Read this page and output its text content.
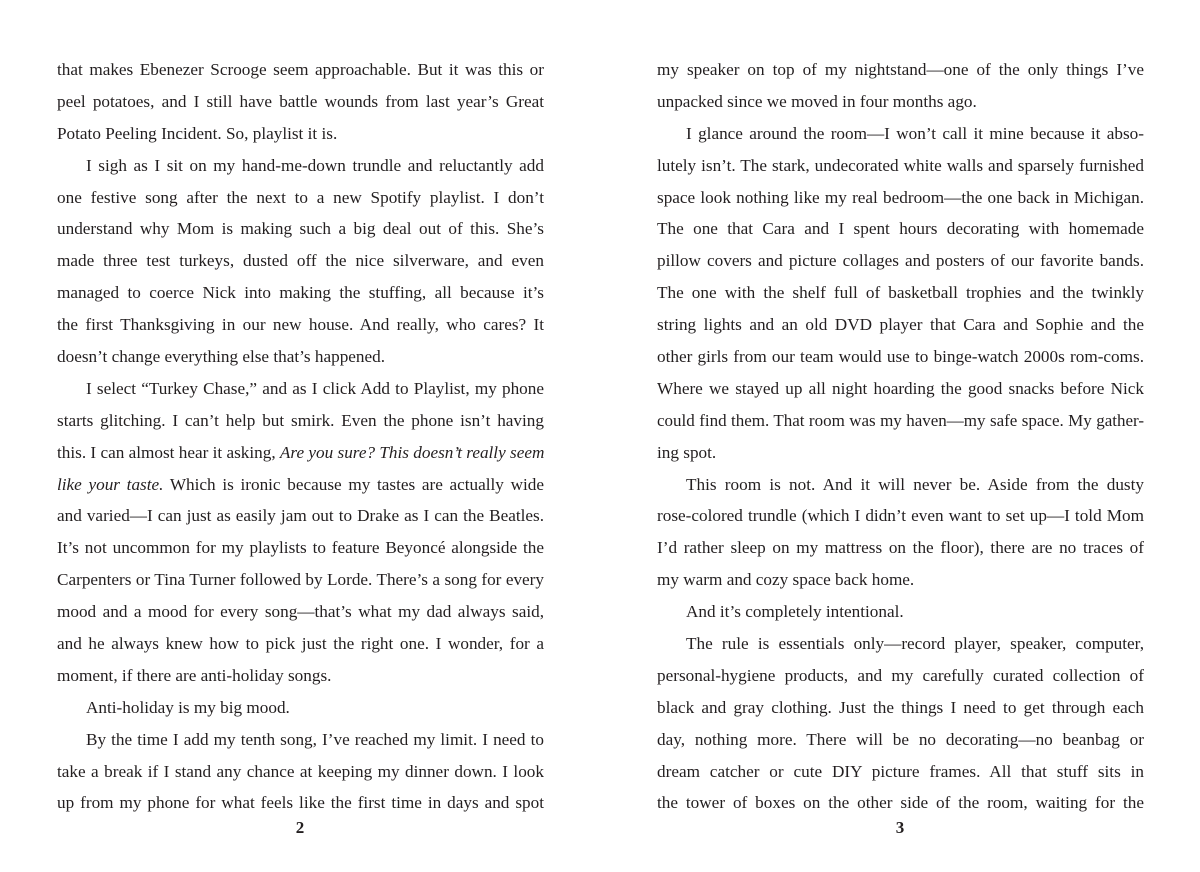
that makes Ebenezer Scrooge seem approachable. But it was this or
peel potatoes, and I still have battle wounds from last year’s Great
Potato Peeling Incident. So, playlist it is.
I sigh as I sit on my hand-me-down trundle and reluctantly add
one festive song after the next to a new Spotify playlist. I don’t
understand why Mom is making such a big deal out of this. She’s
made three test turkeys, dusted off the nice silverware, and even
managed to coerce Nick into making the stuffing, all because it’s
the first Thanksgiving in our new house. And really, who cares? It
doesn’t change everything else that’s happened.
I select “Turkey Chase,” and as I click Add to Playlist, my phone
starts glitching. I can’t help but smirk. Even the phone isn’t having
this. I can almost hear it asking, Are you sure? This doesn’t really seem
like your taste. Which is ironic because my tastes are actually wide
and varied—I can just as easily jam out to Drake as I can the Beatles.
It’s not uncommon for my playlists to feature Beyoncé alongside the
Carpenters or Tina Turner followed by Lorde. There’s a song for every
mood and a mood for every song—that’s what my dad always said,
and he always knew how to pick just the right one. I wonder, for a
moment, if there are anti-holiday songs.
Anti-holiday is my big mood.
By the time I add my tenth song, I’ve reached my limit. I need to
take a break if I stand any chance at keeping my dinner down. I look
up from my phone for what feels like the first time in days and spot
my speaker on top of my nightstand—one of the only things I’ve
unpacked since we moved in four months ago.
I glance around the room—I won’t call it mine because it abso-
lutely isn’t. The stark, undecorated white walls and sparsely furnished
space look nothing like my real bedroom—the one back in Michigan.
The one that Cara and I spent hours decorating with homemade
pillow covers and picture collages and posters of our favorite bands.
The one with the shelf full of basketball trophies and the twinkly
string lights and an old DVD player that Cara and Sophie and the
other girls from our team would use to binge-watch 2000s rom-coms.
Where we stayed up all night hoarding the good snacks before Nick
could find them. That room was my haven—my safe space. My gather-
ing spot.
This room is not. And it will never be. Aside from the dusty
rose-colored trundle (which I didn’t even want to set up—I told Mom
I’d rather sleep on my mattress on the floor), there are no traces of
my warm and cozy space back home.
And it’s completely intentional.
The rule is essentials only—record player, speaker, computer,
personal-hygiene products, and my carefully curated collection of
black and gray clothing. Just the things I need to get through each
day, nothing more. There will be no decorating—no beanbag or
dream catcher or cute DIY picture frames. All that stuff sits in
the tower of boxes on the other side of the room, waiting for the
2	3
